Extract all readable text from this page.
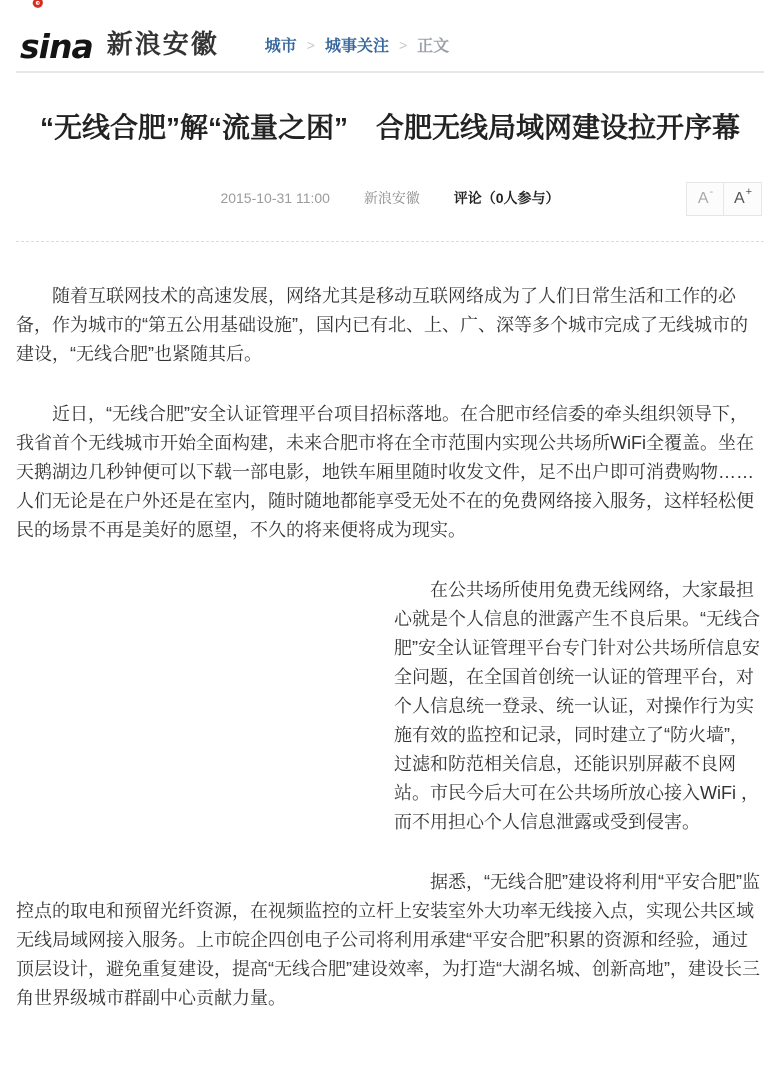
sina 新浪安徽	城市 > 城事关注 > 正文
“无线合肥”解“流量之困”　合肥无线局域网建设拉开序幕
2015-10-31 11:00 新浪安徽 评论（0人参与）	A - A +

随着互联网技术的高速发展，网络尤其是移动互联网络成为了人们日常生活和工作的必备，作为城市的“第五公用基础设施”，国内已有北、上、广、深等多个城市完成了无线城市的建设，“无线合肥”也紧随其后。

近日，“无线合肥”安全认证管理平台项目招标落地。在合肥市经信委的牵头组织领导下，我省首个无线城市开始全面构建，未来合肥市将在全市范围内实现公共场所WiFi全覆盖。坐在天鹅湖边几秒钟便可以下载一部电影，地铁车厢里随时收发文件，足不出户即可消费购物……人们无论是在户外还是在室内，随时随地都能享受无处不在的免费网络接入服务，这样轻松便民的场景不再是美好的愿望，不久的将来便将成为现实。

在公共场所使用免费无线网络，大家最担心就是个人信息的泄露产生不良后果。“无线合肥”安全认证管理平台专门针对公共场所信息安全问题，在全国首创统一认证的管理平台，对个人信息统一登录、统一认证，对操作行为实施有效的监控和记录，同时建立了“防火墙”，过滤和防范相关信息，还能识别屏蔽不良网站。市民今后大可在公共场所放心接入WiFi ，而不用担心个人信息泄露或受到侵害。

据悉，“无线合肥”建设将利用“平安合肥”监控点的取电和预留光纤资源，在视频监控的立杆上安装室外大功率无线接入点，实现公共区域无线局域网接入服务。上市皖企四创电子公司将利用承建“平安合肥”积累的资源和经验，通过顶层设计，避免重复建设，提高“无线合肥”建设效率，为打造“大湖名城、创新高地”，建设长三角世界级城市群副中心贡献力量。
